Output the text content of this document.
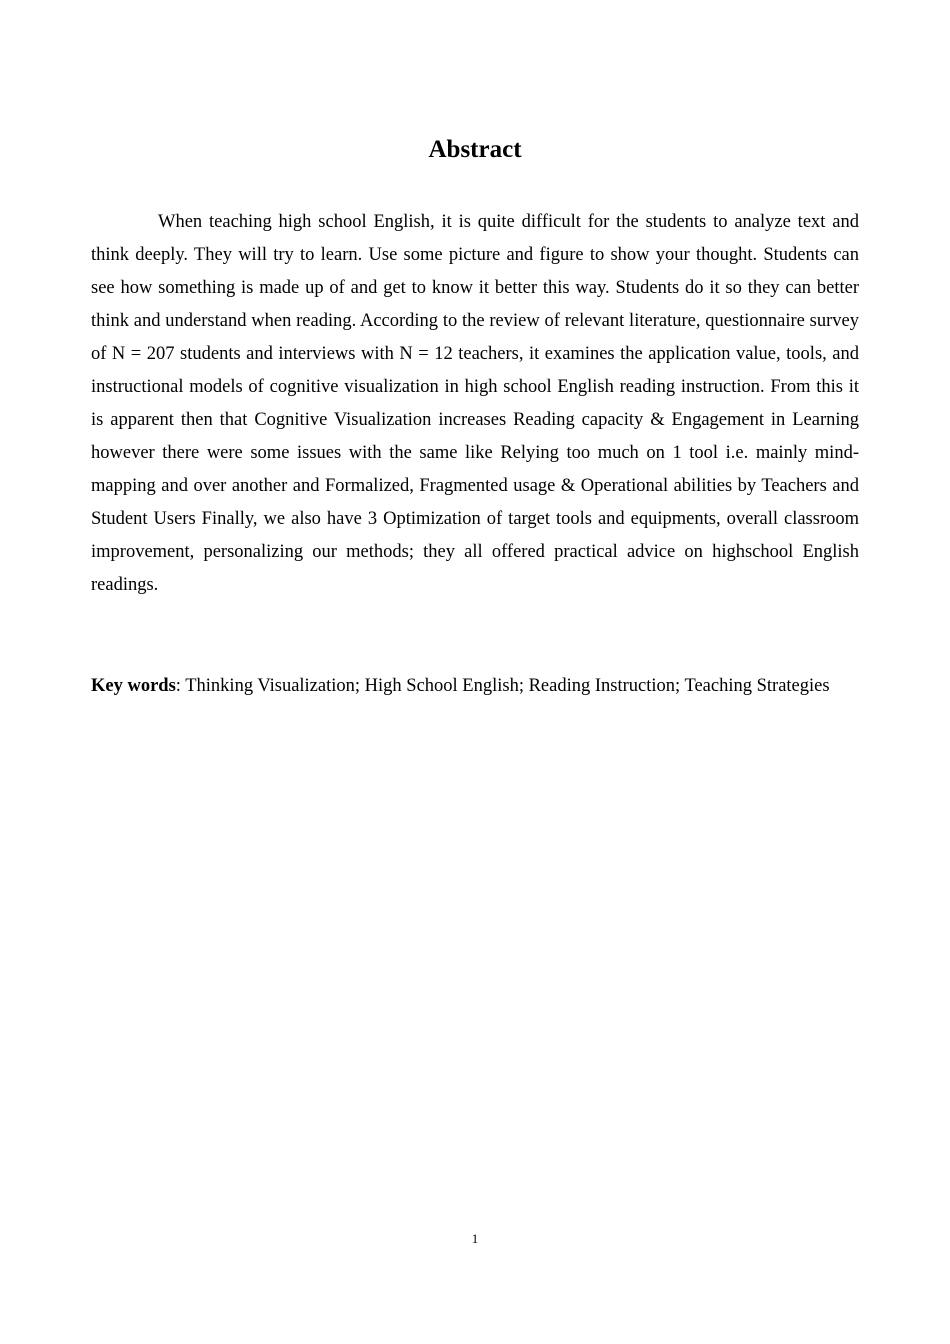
Abstract

When teaching high school English, it is quite difficult for the students to analyze text and think deeply. They will try to learn. Use some picture and figure to show your thought. Students can see how something is made up of and get to know it better this way. Students do it so they can better think and understand when reading. According to the review of relevant literature, questionnaire survey of N = 207 students and interviews with N = 12 teachers, it examines the application value, tools, and instructional models of cognitive visualization in high school English reading instruction. From this it is apparent then that Cognitive Visualization increases Reading capacity & Engagement in Learning however there were some issues with the same like Relying too much on 1 tool i.e. mainly mind-mapping and over another and Formalized, Fragmented usage & Operational abilities by Teachers and Student Users Finally, we also have 3 Optimization of target tools and equipments, overall classroom improvement, personalizing our methods; they all offered practical advice on highschool English readings.

Key words: Thinking Visualization; High School English; Reading Instruction; Teaching Strategies

1
